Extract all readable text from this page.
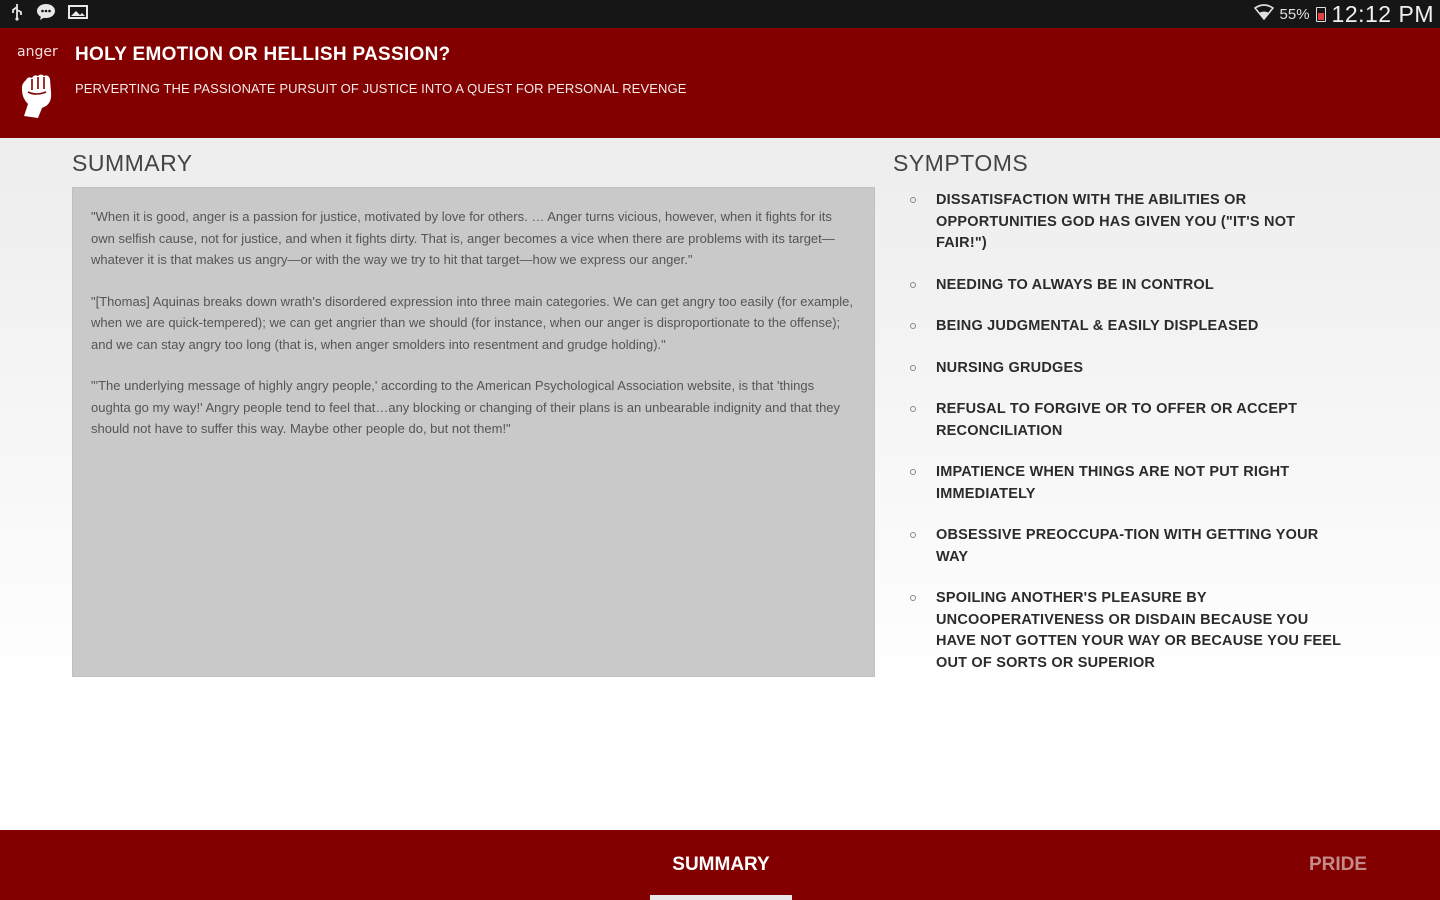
55% 12:12 PM
anger HOLY EMOTION OR HELLISH PASSION?
PERVERTING THE PASSIONATE PURSUIT OF JUSTICE INTO A QUEST FOR PERSONAL REVENGE
SUMMARY

"When it is good, anger is a passion for justice, motivated by love for others. … Anger turns vicious, however, when it fights for its own selfish cause, not for justice, and when it fights dirty. That is, anger becomes a vice when there are problems with its target—whatever it is that makes us angry—or with the way we try to hit that target—how we express our anger."

"[Thomas] Aquinas breaks down wrath's disordered expression into three main categories. We can get angry too easily (for example, when we are quick-tempered); we can get angrier than we should (for instance, when our anger is disproportionate to the offense); and we can stay angry too long (that is, when anger smolders into resentment and grudge holding)."

"'The underlying message of highly angry people,' according to the American Psychological Association website, is that 'things oughta go my way!' Angry people tend to feel that…any blocking or changing of their plans is an unbearable indignity and that they should not have to suffer this way. Maybe other people do, but not them!"

SYMPTOMS
DISSATISFACTION WITH THE ABILITIES OR OPPORTUNITIES GOD HAS GIVEN YOU ("IT'S NOT FAIR!")
NEEDING TO ALWAYS BE IN CONTROL
BEING JUDGMENTAL & EASILY DISPLEASED
NURSING GRUDGES
REFUSAL TO FORGIVE OR TO OFFER OR ACCEPT RECONCILIATION
IMPATIENCE WHEN THINGS ARE NOT PUT RIGHT IMMEDIATELY
OBSESSIVE PREOCCUPA-TION WITH GETTING YOUR WAY
SPOILING ANOTHER'S PLEASURE BY UNCOOPERATIVENESS OR DISDAIN BECAUSE YOU HAVE NOT GOTTEN YOUR WAY OR BECAUSE YOU FEEL OUT OF SORTS OR SUPERIOR
SUMMARY	PRIDE
